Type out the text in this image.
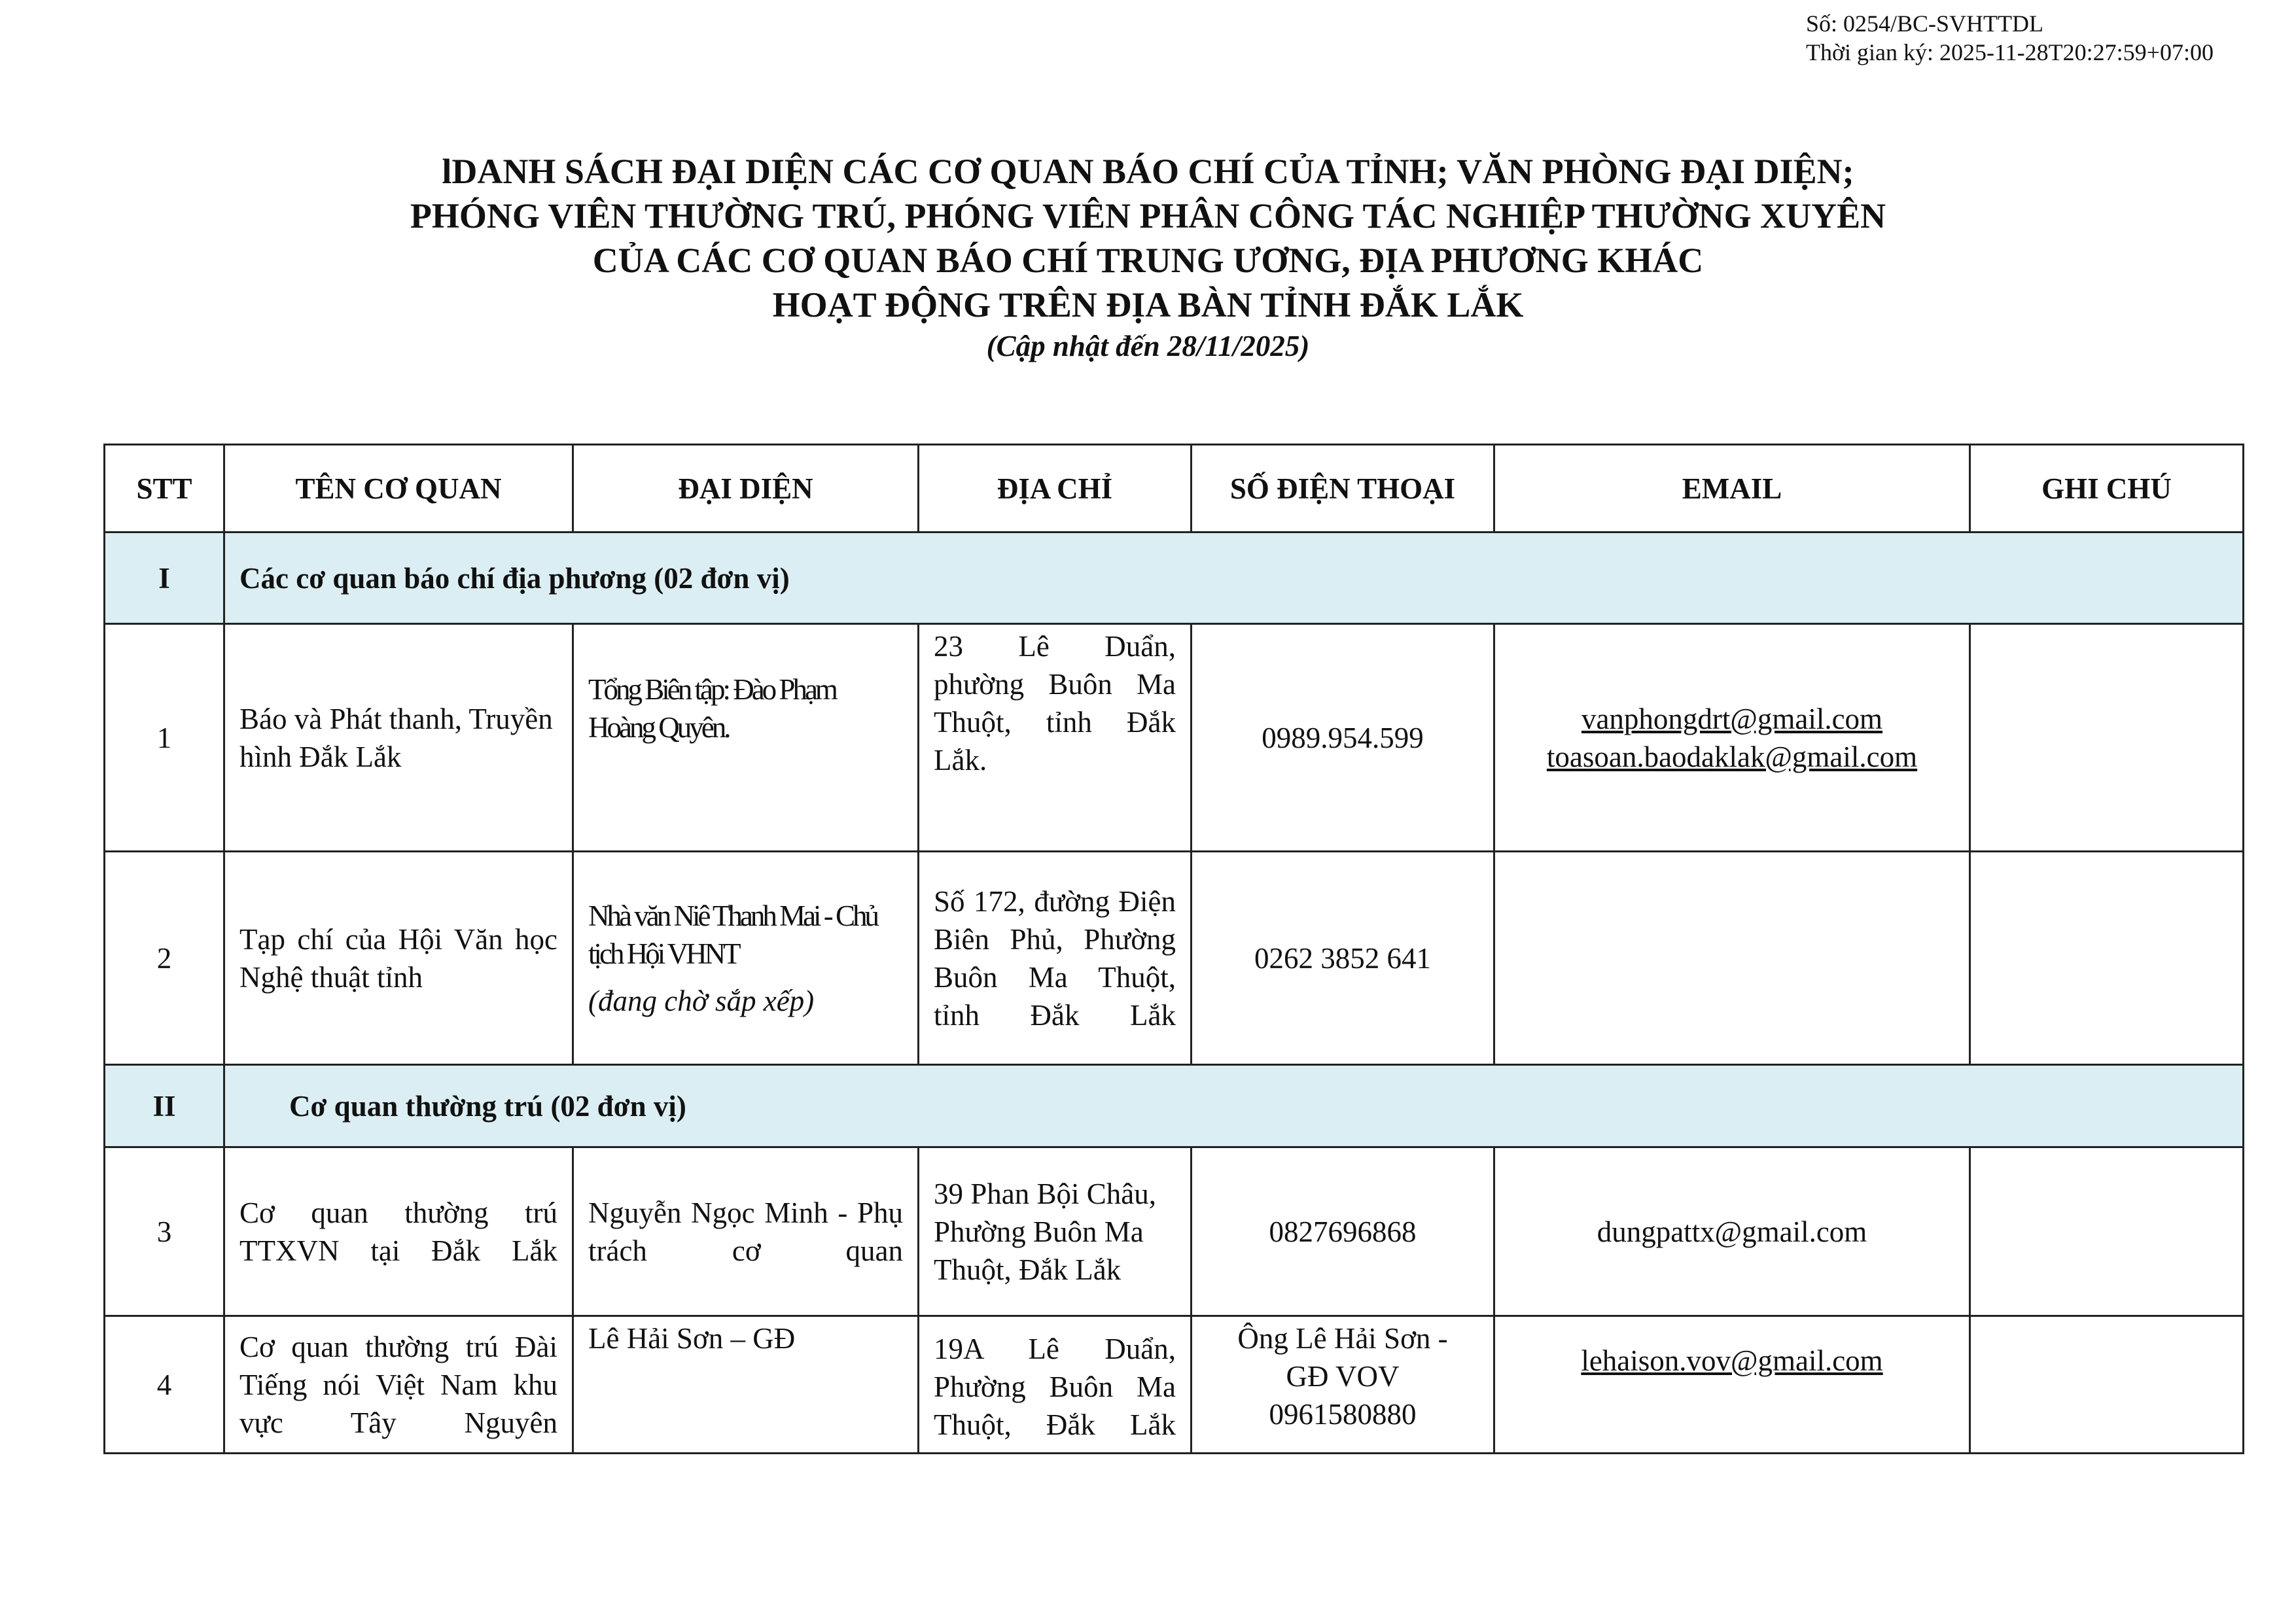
Số: 0254/BC-SVHTTDL
Thời gian ký: 2025-11-28T20:27:59+07:00
lDANH SÁCH ĐẠI DIỆN CÁC CƠ QUAN BÁO CHÍ CỦA TỈNH; VĂN PHÒNG ĐẠI DIỆN;
PHÓNG VIÊN THƯỜNG TRÚ, PHÓNG VIÊN PHÂN CÔNG TÁC NGHIỆP THƯỜNG XUYÊN
CỦA CÁC CƠ QUAN BÁO CHÍ TRUNG ƯƠNG, ĐỊA PHƯƠNG KHÁC
HOẠT ĐỘNG TRÊN ĐỊA BÀN TỈNH ĐẮK LẮK
(Cập nhật đến 28/11/2025)
STT	TÊN CƠ QUAN	ĐẠI DIỆN	ĐỊA CHỈ	SỐ ĐIỆN THOẠI	EMAIL	GHI CHÚ
I	Các cơ quan báo chí địa phương (02 đơn vị)					
1	Báo và Phát thanh, Truyền hình Đắk Lắk	Tổng Biên tập: Đào Phạm Hoàng Quyên.	23 Lê Duẩn, phường Buôn Ma Thuột, tỉnh Đắk Lắk.	0989.954.599	vanphongdrt@gmail.com
toasoan.baodaklak@gmail.com	

2	Tạp chí của Hội Văn học Nghệ thuật tỉnh	Nhà văn Niê Thanh Mai - Chủ tịch Hội VHNT
(đang chờ sắp xếp)	Số 172, đường Điện Biên Phủ, Phường Buôn Ma Thuột, tỉnh Đắk Lắk	0262 3852 641		
II	Cơ quan thường trú (02 đơn vị)					
3	Cơ quan thường trú TTXVN tại Đắk Lắk	Nguyễn Ngọc Minh - Phụ trách cơ quan	39 Phan Bội Châu, Phường Buôn Ma Thuột, Đắk Lắk	0827696868	dungpattx@gmail.com	
4	Cơ quan thường trú Đài Tiếng nói Việt Nam khu vực Tây Nguyên	Lê Hải Sơn – GĐ	19A Lê Duẩn, Phường Buôn Ma Thuột, Đắk Lắk	Ông Lê Hải Sơn -
GĐ VOV
0961580880	lehaison.vov@gmail.com	
